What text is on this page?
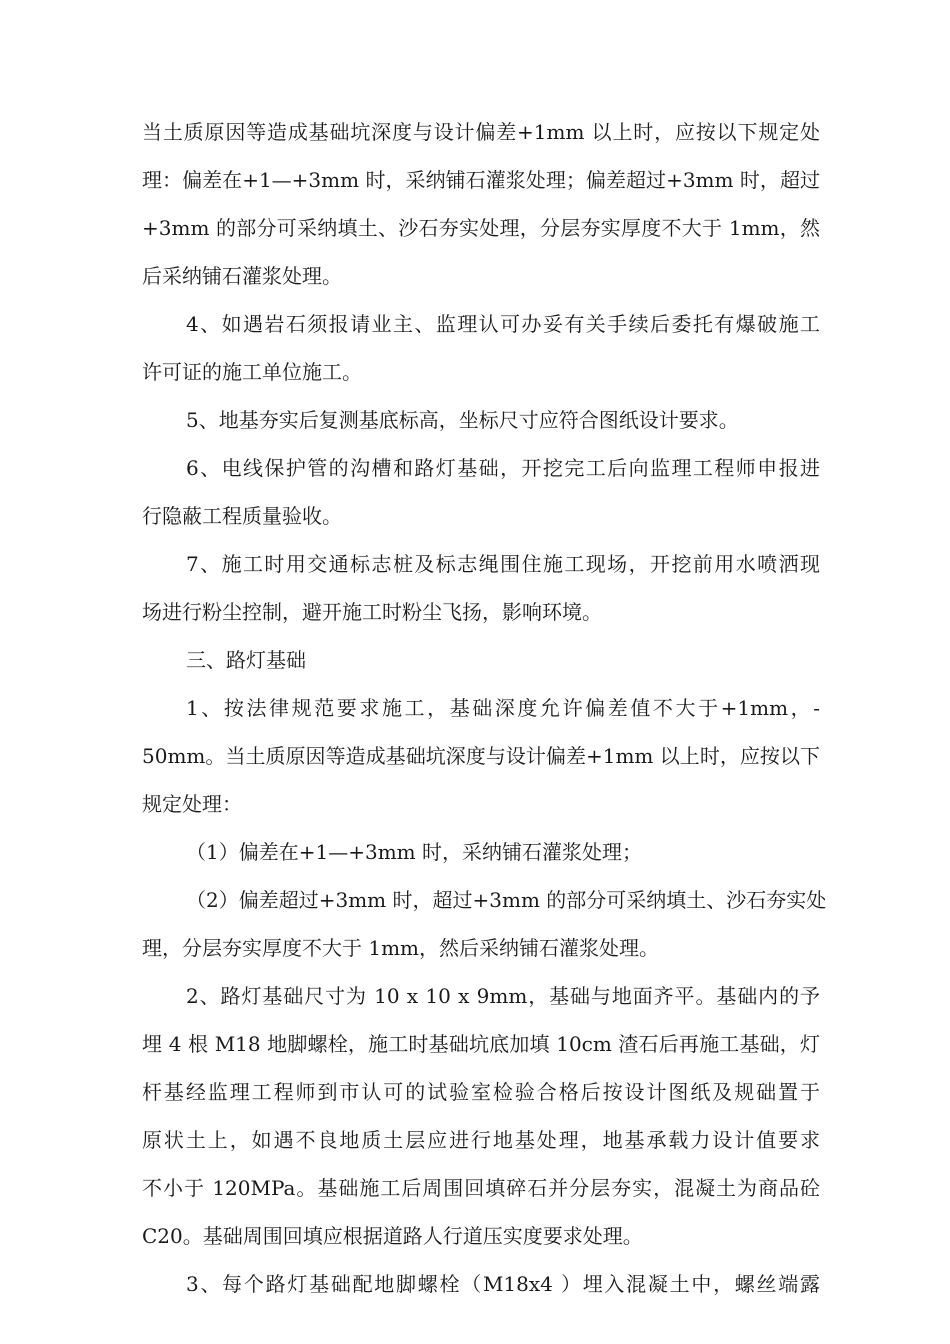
当土质原因等造成基础坑深度与设计偏差+1mm 以上时，应按以下规定处
理：偏差在+1—+3mm 时，采纳铺石灌浆处理；偏差超过+3mm 时，超过
+3mm 的部分可采纳填土、沙石夯实处理，分层夯实厚度不大于 1mm，然
后采纳铺石灌浆处理。
4、如遇岩石须报请业主、监理认可办妥有关手续后委托有爆破施工
许可证的施工单位施工。
5、地基夯实后复测基底标高，坐标尺寸应符合图纸设计要求。
6、电线保护管的沟槽和路灯基础，开挖完工后向监理工程师申报进
行隐蔽工程质量验收。
7、施工时用交通标志桩及标志绳围住施工现场，开挖前用水喷洒现
场进行粉尘控制，避开施工时粉尘飞扬，影响环境。
三、路灯基础
1、按法律规范要求施工，基础深度允许偏差值不大于+1mm，-
50mm。当土质原因等造成基础坑深度与设计偏差+1mm 以上时，应按以下
规定处理：
（1）偏差在+1—+3mm 时，采纳铺石灌浆处理；
（2）偏差超过+3mm 时，超过+3mm 的部分可采纳填土、沙石夯实处
理，分层夯实厚度不大于 1mm，然后采纳铺石灌浆处理。
2、路灯基础尺寸为 10 x 10 x 9mm，基础与地面齐平。基础内的予
埋 4 根 M18 地脚螺栓，施工时基础坑底加填 10cm 渣石后再施工基础，灯
杆基经监理工程师到市认可的试验室检验合格后按设计图纸及规础置于
原状土上，如遇不良地质土层应进行地基处理，地基承载力设计值要求
不小于 120MPa。基础施工后周围回填碎石并分层夯实，混凝土为商品砼
C20。基础周围回填应根据道路人行道压实度要求处理。
3、每个路灯基础配地脚螺栓（M18x4 ）埋入混凝土中，螺丝端露
